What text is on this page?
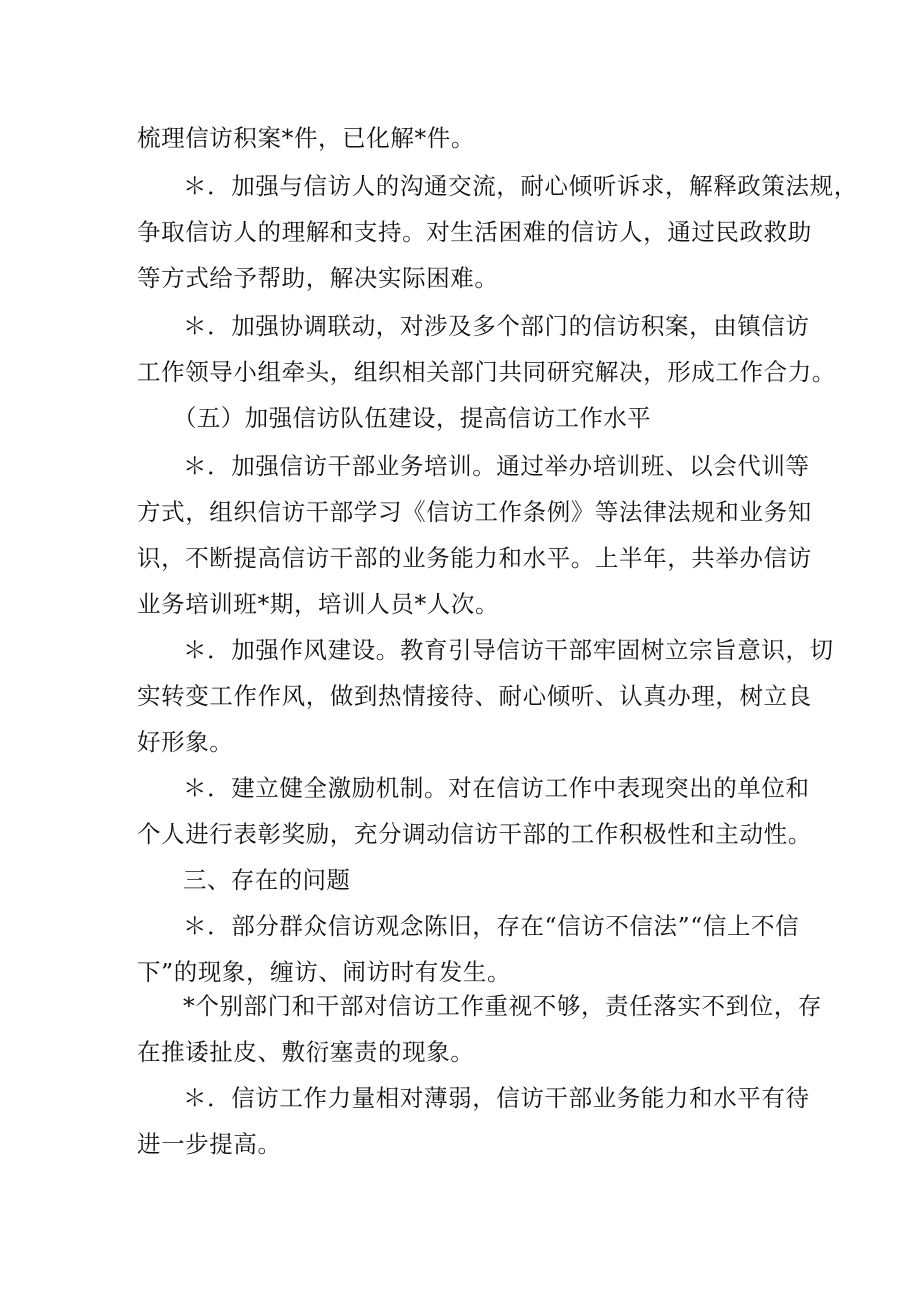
梳理信访积案*件，已化解*件。
＊．加强与信访人的沟通交流，耐心倾听诉求，解释政策法规，
争取信访人的理解和支持。对生活困难的信访人，通过民政救助
等方式给予帮助，解决实际困难。
＊．加强协调联动，对涉及多个部门的信访积案，由镇信访
工作领导小组牵头，组织相关部门共同研究解决，形成工作合力。
（五）加强信访队伍建设，提高信访工作水平
＊．加强信访干部业务培训。通过举办培训班、以会代训等
方式，组织信访干部学习《信访工作条例》等法律法规和业务知
识，不断提高信访干部的业务能力和水平。上半年，共举办信访
业务培训班*期，培训人员*人次。
＊．加强作风建设。教育引导信访干部牢固树立宗旨意识，切
实转变工作作风，做到热情接待、耐心倾听、认真办理，树立良
好形象。
＊．建立健全激励机制。对在信访工作中表现突出的单位和
个人进行表彰奖励，充分调动信访干部的工作积极性和主动性。
三、存在的问题
＊．部分群众信访观念陈旧，存在“信访不信法”“信上不信
下”的现象，缠访、闹访时有发生。
*个别部门和干部对信访工作重视不够，责任落实不到位，存
在推诿扯皮、敷衍塞责的现象。
＊．信访工作力量相对薄弱，信访干部业务能力和水平有待
进一步提高。
